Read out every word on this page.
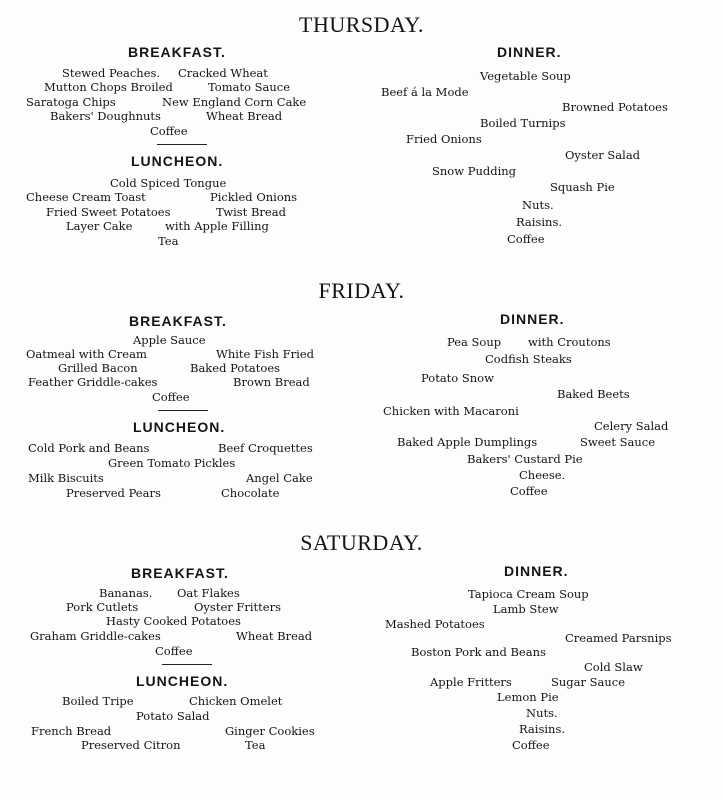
THURSDAY.
BREAKFAST.
Stewed Peaches. Cracked Wheat
Mutton Chops Broiled	Tomato Sauce
Saratoga Chips	New England Corn Cake
Bakers' Doughnuts	Wheat Bread
Coffee
LUNCHEON.
Cold Spiced Tongue
Cheese Cream Toast	Pickled Onions
Fried Sweet Potatoes	Twist Bread
Layer Cake	with Apple Filling
Tea
DINNER.
Vegetable Soup
Beef á la Mode
Browned Potatoes
Boiled Turnips
Fried Onions
Oyster Salad
Snow Pudding
Squash Pie
Nuts.
Raisins.
Coffee
FRIDAY.
BREAKFAST.
Apple Sauce
Oatmeal with Cream	White Fish Fried
Grilled Bacon	Baked Potatoes
Feather Griddle-cakes	Brown Bread
Coffee
LUNCHEON.
Cold Pork and Beans	Beef Croquettes
Green Tomato Pickles
Milk Biscuits	Angel Cake
Preserved Pears	Chocolate
DINNER.
Pea Soup with Croutons
Codfish Steaks
Potato Snow
Baked Beets
Chicken with Macaroni
Celery Salad
Baked Apple Dumplings	Sweet Sauce
Bakers' Custard Pie
Cheese.
Coffee
SATURDAY.
BREAKFAST.
Bananas. Oat Flakes
Pork Cutlets	Oyster Fritters
Hasty Cooked Potatoes
Graham Griddle-cakes	Wheat Bread
Coffee
LUNCHEON.
Boiled Tripe	Chicken Omelet
Potato Salad
French Bread	Ginger Cookies
Preserved Citron	Tea
DINNER.
Tapioca Cream Soup
Lamb Stew
Mashed Potatoes
Creamed Parsnips
Boston Pork and Beans
Cold Slaw
Apple Fritters	Sugar Sauce
Lemon Pie
Nuts.
Raisins.
Coffee
